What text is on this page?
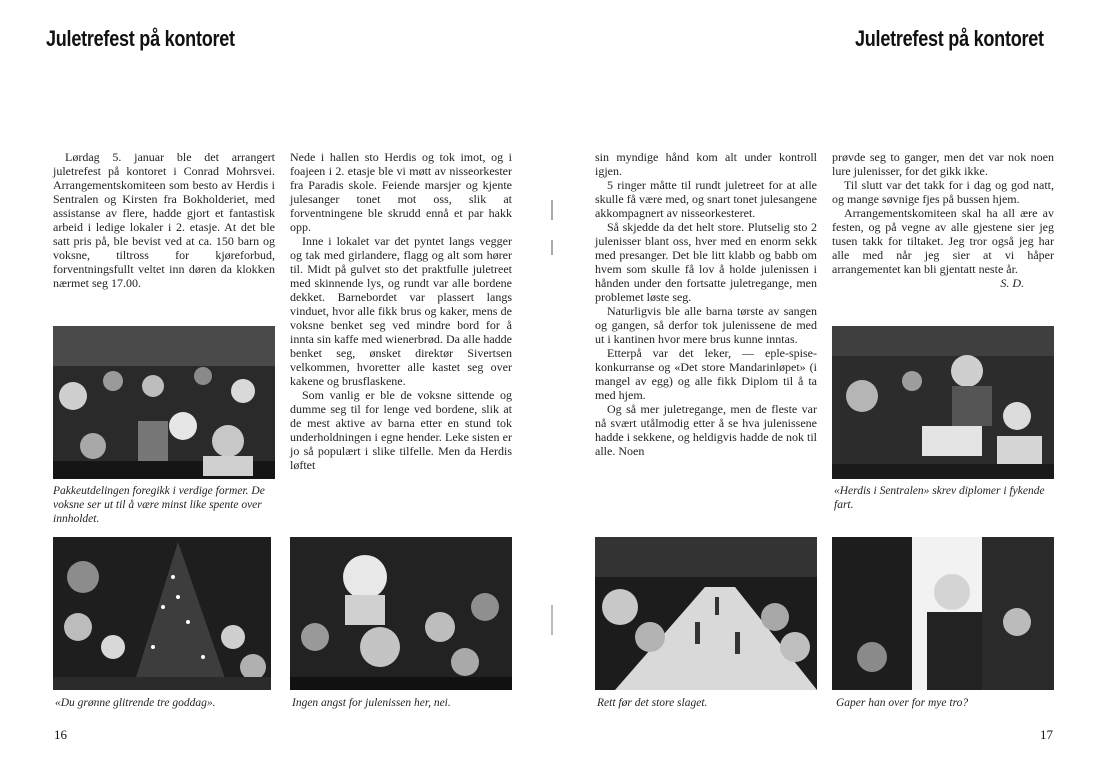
Juletrefest på kontoret	Juletrefest på kontoret

Lørdag 5. januar ble det arrangert juletrefest på kontoret i Conrad Mohrsvei. Arrangementskomiteen som besto av Herdis i Sentralen og Kirsten fra Bokholderiet, med assistanse av flere, hadde gjort et fantastisk arbeid i ledige lokaler i 2. etasje. At det ble satt pris på, ble bevist ved at ca. 150 barn og voksne, tiltross for kjøreforbud, forventningsfullt veltet inn døren da klokken nærmet seg 17.00.

Nede i hallen sto Herdis og tok imot, og i foajeen i 2. etasje ble vi møtt av nisseorkester fra Paradis skole. Feiende marsjer og kjente julesanger tonet mot oss, slik at forventningene ble skrudd ennå et par hakk opp.

Inne i lokalet var det pyntet langs vegger og tak med girlandere, flagg og alt som hører til. Midt på gulvet sto det praktfulle juletreet med skinnende lys, og rundt var alle bordene dekket. Barnebordet var plassert langs vinduet, hvor alle fikk brus og kaker, mens de voksne benket seg ved mindre bord for å innta sin kaffe med wienerbrød. Da alle hadde benket seg, ønsket direktør Sivertsen velkommen, hvoretter alle kastet seg over kakene og brusflaskene.

Som vanlig er ble de voksne sittende og dumme seg til for lenge ved bordene, slik at de mest aktive av barna etter en stund tok underholdningen i egne hender. Leke sisten er jo så populært i slike tilfelle. Men da Herdis løftet

sin myndige hånd kom alt under kontroll igjen.

5 ringer måtte til rundt juletreet for at alle skulle få være med, og snart tonet julesangene akkompagnert av nisseorkesteret.

Så skjedde da det helt store. Plutselig sto 2 julenisser blant oss, hver med en enorm sekk med presanger. Det ble litt klabb og babb om hvem som skulle få lov å holde julenissen i hånden under den fortsatte juletregange, men problemet løste seg.

Naturligvis ble alle barna tørste av sangen og gangen, så derfor tok julenissene de med ut i kantinen hvor mere brus kunne inntas.

Etterpå var det leker, — eple-spise-konkurranse og «Det store Mandarinløpet» (i mangel av egg) og alle fikk Diplom til å ta med hjem.

Og så mer juletregange, men de fleste var nå svært utålmodig etter å se hva julenissene hadde i sekkene, og heldigvis hadde de nok til alle. Noen

prøvde seg to ganger, men det var nok noen lure julenisser, for det gikk ikke.

Til slutt var det takk for i dag og god natt, og mange søvnige fjes på bussen hjem.

Arrangementskomiteen skal ha all ære av festen, og på vegne av alle gjestene sier jeg tusen takk for tiltaket. Jeg tror også jeg har alle med når jeg sier at vi håper arrangementet kan bli gjentatt neste år.

S. D.

Pakkeutdelingen foregikk i verdige former. De voksne ser ut til å være minst like spente over innholdet.
«Du grønne glitrende tre goddag».	Ingen angst for julenissen her, nei.
«Herdis i Sentralen» skrev diplomer i fykende fart.
Rett før det store slaget.	Gaper han over for mye tro?
16	17
